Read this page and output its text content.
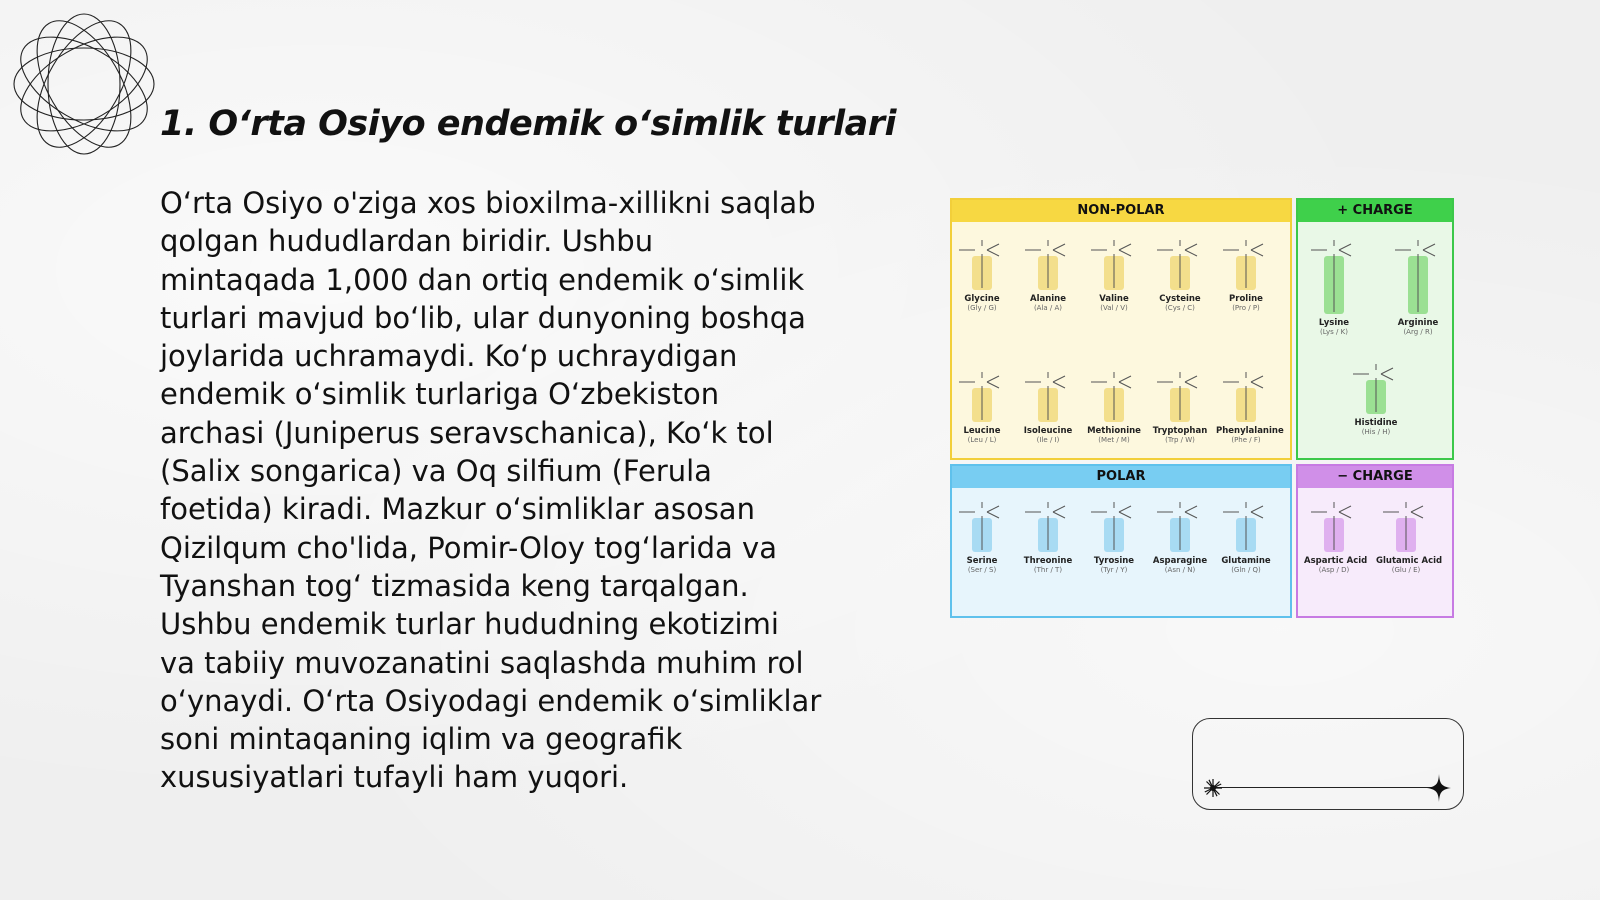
1. O‘rta Osiyo endemik o‘simlik turlari
O‘rta Osiyo o'ziga xos bioxilma-xillikni saqlab
qolgan hududlardan biridir. Ushbu
mintaqada 1,000 dan ortiq endemik o‘simlik
turlari mavjud bo‘lib, ular dunyoning boshqa
joylarida uchramaydi. Ko‘p uchraydigan
endemik o‘simlik turlariga O‘zbekiston
archasi (Juniperus seravschanica), Ko‘k tol
(Salix songarica) va Oq silfium (Ferula
foetida) kiradi. Mazkur o‘simliklar asosan
Qizilqum cho'lida, Pomir-Oloy tog‘larida va
Tyanshan tog‘ tizmasida keng tarqalgan.
Ushbu endemik turlar hududning ekotizimi
va tabiiy muvozanatini saqlashda muhim rol
o‘ynaydi. O‘rta Osiyodagi endemik o‘simliklar
soni mintaqaning iqlim va geografik
xususiyatlari tufayli ham yuqori.
NON-POLAR
Glycine
(Gly / G)
Alanine
(Ala / A)
Valine
(Val / V)
Cysteine
(Cys / C)
Proline
(Pro / P)
Leucine
(Leu / L)
Isoleucine
(Ile / I)
Methionine
(Met / M)
Tryptophan
(Trp / W)
Phenylalanine
(Phe / F)
+ CHARGE
Lysine
(Lys / K)
Arginine
(Arg / R)
Histidine
(His / H)
POLAR
Serine
(Ser / S)
Threonine
(Thr / T)
Tyrosine
(Tyr / Y)
Asparagine
(Asn / N)
Glutamine
(Gln / Q)
− CHARGE
Aspartic Acid
(Asp / D)
Glutamic Acid
(Glu / E)
